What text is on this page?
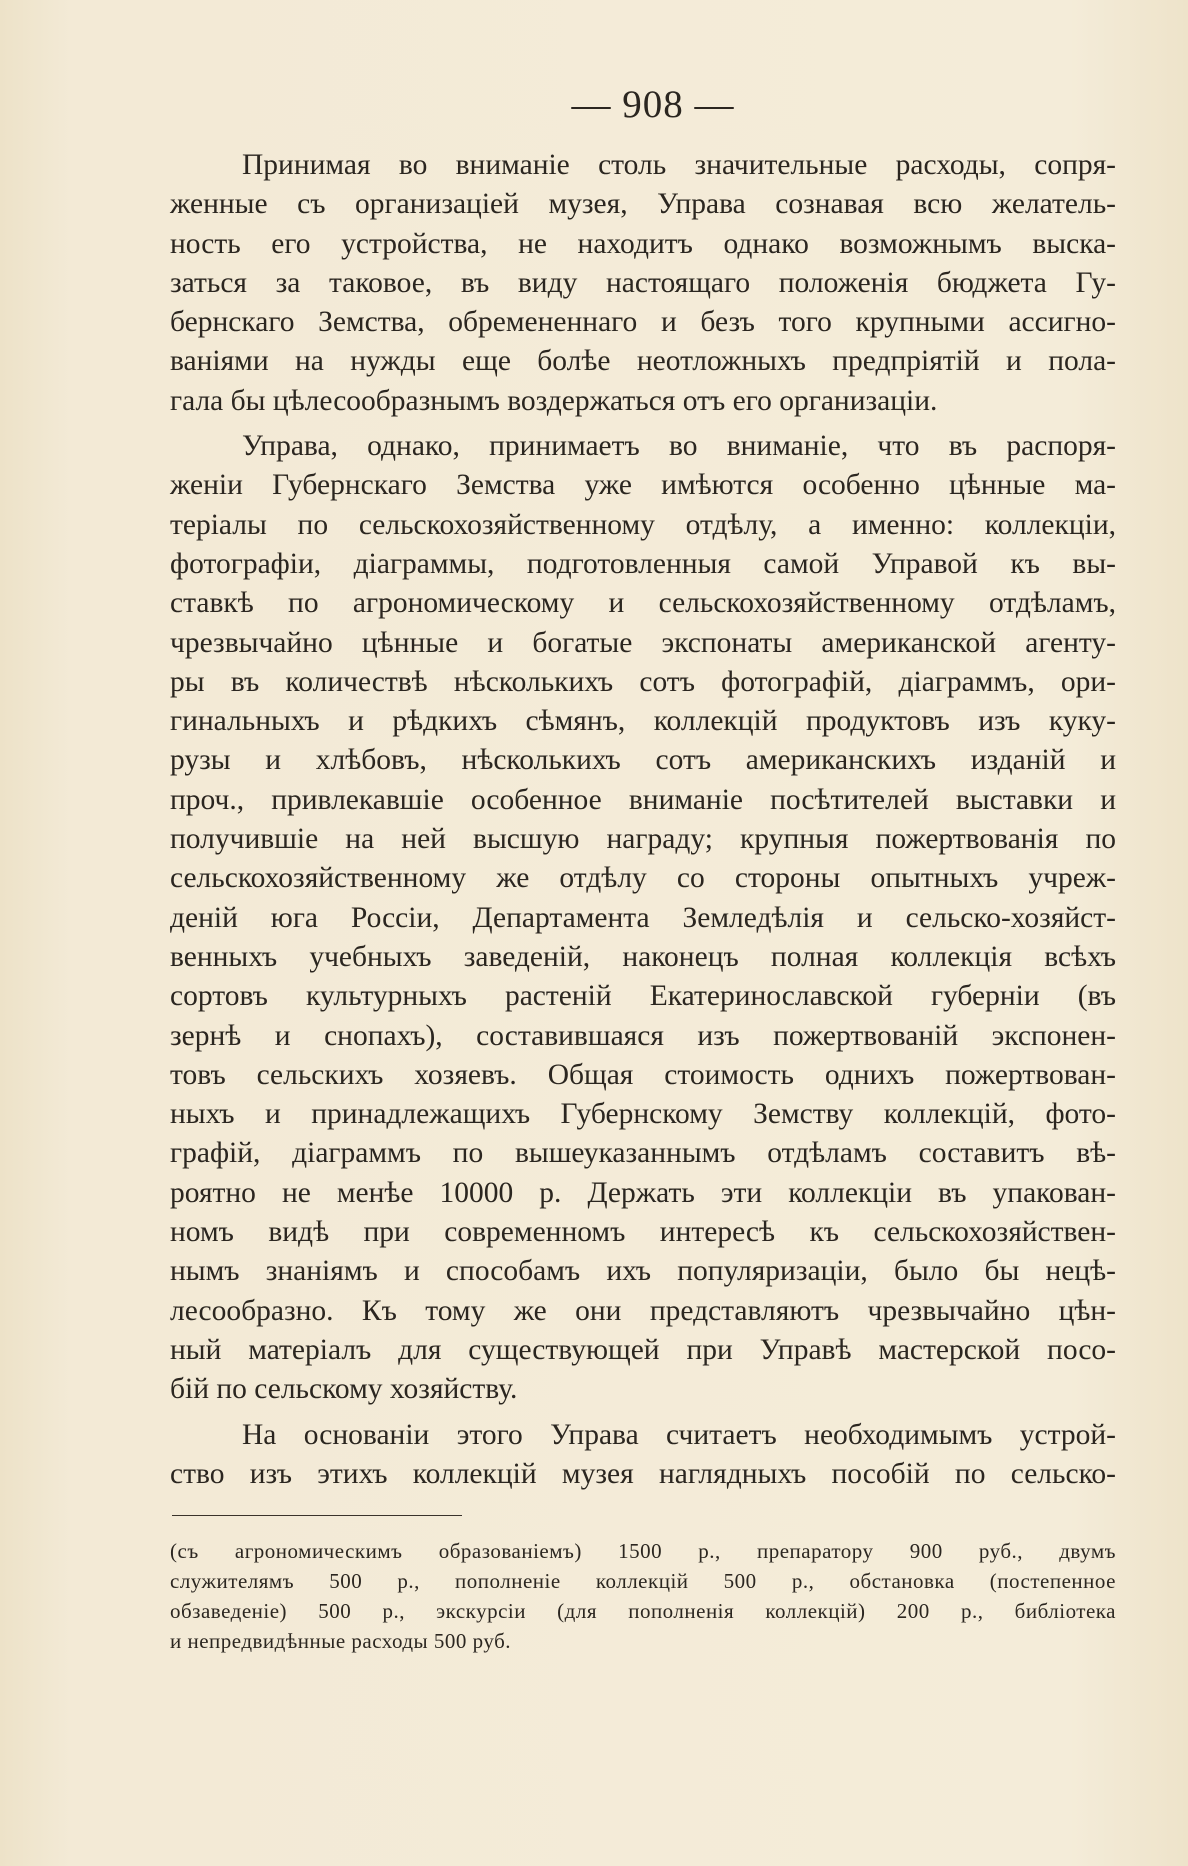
— 908 —

Принимая во вниманіе столь значительные расходы, сопря-
женные съ организаціей музея, Управа сознавая всю желатель-
ность его устройства, не находитъ однако возможнымъ выска-
заться за таковое, въ виду настоящаго положенія бюджета Гу-
бернскаго Земства, обремененнаго и безъ того крупными ассигно-
ваніями на нужды еще болѣе неотложныхъ предпріятій и пола-
гала бы цѣлесообразнымъ воздержаться отъ его организаціи.

Управа, однако, принимаетъ во вниманіе, что въ распоря-
женіи Губернскаго Земства уже имѣются особенно цѣнные ма-
теріалы по сельскохозяйственному отдѣлу, а именно: коллекціи,
фотографіи, діаграммы, подготовленныя самой Управой къ вы-
ставкѣ по агрономическому и сельскохозяйственному отдѣламъ,
чрезвычайно цѣнные и богатые экспонаты американской агенту-
ры въ количествѣ нѣсколькихъ сотъ фотографій, діаграммъ, ори-
гинальныхъ и рѣдкихъ сѣмянъ, коллекцій продуктовъ изъ куку-
рузы и хлѣбовъ, нѣсколькихъ сотъ американскихъ изданій и
проч., привлекавшіе особенное вниманіе посѣтителей выставки и
получившіе на ней высшую награду; крупныя пожертвованія по
сельскохозяйственному же отдѣлу со стороны опытныхъ учреж-
деній юга Россіи, Департамента Земледѣлія и сельско-хозяйст-
венныхъ учебныхъ заведеній, наконецъ полная коллекція всѣхъ
сортовъ культурныхъ растеній Екатеринославской губерніи (въ
зернѣ и снопахъ), составившаяся изъ пожертвованій экспонен-
товъ сельскихъ хозяевъ. Общая стоимость однихъ пожертвован-
ныхъ и принадлежащихъ Губернскому Земству коллекцій, фото-
графій, діаграммъ по вышеуказаннымъ отдѣламъ составитъ вѣ-
роятно не менѣе 10000 р. Держать эти коллекціи въ упакован-
номъ видѣ при современномъ интересѣ къ сельскохозяйствен-
нымъ знаніямъ и способамъ ихъ популяризаціи, было бы нецѣ-
лесообразно. Къ тому же они представляютъ чрезвычайно цѣн-
ный матеріалъ для существующей при Управѣ мастерской посо-
бій по сельскому хозяйству.

На основаніи этого Управа считаетъ необходимымъ устрой-
ство изъ этихъ коллекцій музея наглядныхъ пособій по сельско-

(съ агрономическимъ образованіемъ) 1500 р., препаратору 900 руб., двумъ
служителямъ 500 р., пополненіе коллекцій 500 р., обстановка (постепенное
обзаведеніе) 500 р., экскурсіи (для пополненія коллекцій) 200 р., библіотека
и непредвидѣнные расходы 500 руб.
